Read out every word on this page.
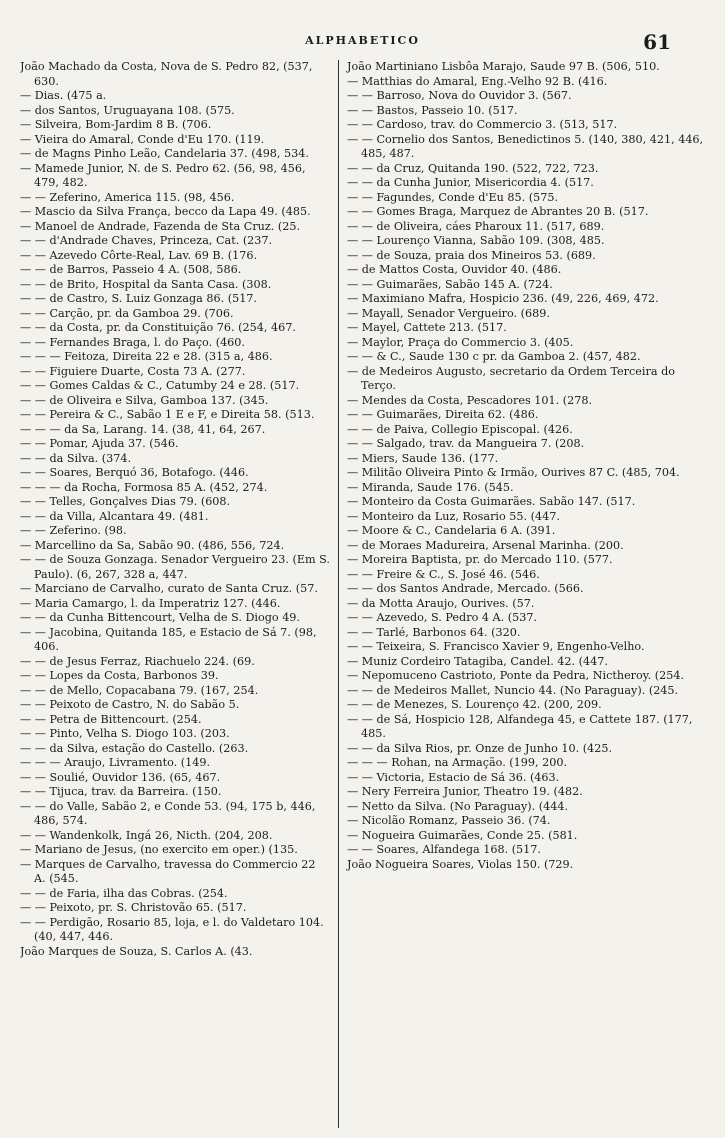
ALPHABETICO	61
João Machado da Costa, Nova de S. Pedro 82, (537, 630.
— Dias. (475 a.
— dos Santos, Uruguayana 108. (575.
— Silveira, Bom-Jardim 8 B. (706.
— Vieira do Amaral, Conde d'Eu 170. (119.
— de Magns Pinho Leão, Candelaria 37. (498, 534.
— Mamede Junior, N. de S. Pedro 62. (56, 98, 456, 479, 482.
— — Zeferino, America 115. (98, 456.
— Mascio da Silva França, becco da Lapa 49. (485.
— Manoel de Andrade, Fazenda de Sta Cruz. (25.
— — d'Andrade Chaves, Princeza, Cat. (237.
— — Azevedo Côrte-Real, Lav. 69 B. (176.
— — de Barros, Passeio 4 A. (508, 586.
— — de Brito, Hospital da Santa Casa. (308.
— — de Castro, S. Luiz Gonzaga 86. (517.
— — Carção, pr. da Gamboa 29. (706.
— — da Costa, pr. da Constituição 76. (254, 467.
— — Fernandes Braga, l. do Paço. (460.
— — — Feitoza, Direita 22 e 28. (315 a, 486.
— — Figuiere Duarte, Costa 73 A. (277.
— — Gomes Caldas & C., Catumby 24 e 28. (517.
— — de Oliveira e Silva, Gamboa 137. (345.
— — Pereira & C., Sabão 1 E e F, e Direita 58. (513.
— — — da Sa, Larang. 14. (38, 41, 64, 267.
— — Pomar, Ajuda 37. (546.
— — da Silva. (374.
— — Soares, Berquó 36, Botafogo. (446.
— — — da Rocha, Formosa 85 A. (452, 274.
— — Telles, Gonçalves Dias 79. (608.
— — da Villa, Alcantara 49. (481.
— — Zeferino. (98.
— Marcellino da Sa, Sabão 90. (486, 556, 724.
— — de Souza Gonzaga. Senador Vergueiro 23. (Em S. Paulo). (6, 267, 328 a, 447.
— Marciano de Carvalho, curato de Santa Cruz. (57.
— Maria Camargo, l. da Imperatriz 127. (446.
— — da Cunha Bittencourt, Velha de S. Diogo 49.
— — Jacobina, Quitanda 185, e Estacio de Sá 7. (98, 406.
— — de Jesus Ferraz, Riachuelo 224. (69.
— — Lopes da Costa, Barbonos 39.
— — de Mello, Copacabana 79. (167, 254.
— — Peixoto de Castro, N. do Sabão 5.
— — Petra de Bittencourt. (254.
— — Pinto, Velha S. Diogo 103. (203.
— — da Silva, estação do Castello. (263.
— — — Araujo, Livramento. (149.
— — Soulié, Ouvidor 136. (65, 467.
— — Tijuca, trav. da Barreira. (150.
— — do Valle, Sabão 2, e Conde 53. (94, 175 b, 446, 486, 574.
— — Wandenkolk, Ingá 26, Nicth. (204, 208.
— Mariano de Jesus, (no exercito em oper.) (135.
— Marques de Carvalho, travessa do Commercio 22 A. (545.
— — de Faria, ilha das Cobras. (254.
— — Peixoto, pr. S. Christovão 65. (517.
— — Perdigão, Rosario 85, loja, e l. do Valdetaro 104. (40, 447, 446.
João Marques de Souza, S. Carlos A. (43.
João Martiniano Lisbôa Marajo, Saude 97 B. (506, 510.
— Matthias do Amaral, Eng.-Velho 92 B. (416.
— — Barroso, Nova do Ouvidor 3. (567.
— — Bastos, Passeio 10. (517.
— — Cardoso, trav. do Commercio 3. (513, 517.
— — Cornelio dos Santos, Benedictinos 5. (140, 380, 421, 446, 485, 487.
— — da Cruz, Quitanda 190. (522, 722, 723.
— — da Cunha Junior, Misericordia 4. (517.
— — Fagundes, Conde d'Eu 85. (575.
— — Gomes Braga, Marquez de Abrantes 20 B. (517.
— — de Oliveira, cáes Pharoux 11. (517, 689.
— — Lourenço Vianna, Sabão 109. (308, 485.
— — de Souza, praia dos Mineiros 53. (689.
— de Mattos Costa, Ouvidor 40. (486.
— — Guimarães, Sabão 145 A. (724.
— Maximiano Mafra, Hospicio 236. (49, 226, 469, 472.
— Mayall, Senador Vergueiro. (689.
— Mayel, Cattete 213. (517.
— Maylor, Praça do Commercio 3. (405.
— — & C., Saude 130 c pr. da Gamboa 2. (457, 482.
— de Medeiros Augusto, secretario da Ordem Terceira do Terço.
— Mendes da Costa, Pescadores 101. (278.
— — Guimarães, Direita 62. (486.
— — de Paiva, Collegio Episcopal. (426.
— — Salgado, trav. da Mangueira 7. (208.
— Miers, Saude 136. (177.
— Militão Oliveira Pinto & Irmão, Ourives 87 C. (485, 704.
— Miranda, Saude 176. (545.
— Monteiro da Costa Guimarães. Sabão 147. (517.
— Monteiro da Luz, Rosario 55. (447.
— Moore & C., Candelaria 6 A. (391.
— de Moraes Madureira, Arsenal Marinha. (200.
— Moreira Baptista, pr. do Mercado 110. (577.
— — Freire & C., S. José 46. (546.
— — dos Santos Andrade, Mercado. (566.
— da Motta Araujo, Ourives. (57.
— — Azevedo, S. Pedro 4 A. (537.
— — Tarlé, Barbonos 64. (320.
— — Teixeira, S. Francisco Xavier 9, Engenho-Velho.
— Muniz Cordeiro Tatagiba, Candel. 42. (447.
— Nepomuceno Castrioto, Ponte da Pedra, Nictheroy. (254.
— — de Medeiros Mallet, Nuncio 44. (No Paraguay). (245.
— — de Menezes, S. Lourenço 42. (200, 209.
— — de Sá, Hospicio 128, Alfandega 45, e Cattete 187. (177, 485.
— — da Silva Rios, pr. Onze de Junho 10. (425.
— — — Rohan, na Armação. (199, 200.
— — Victoria, Estacio de Sá 36. (463.
— Nery Ferreira Junior, Theatro 19. (482.
— Netto da Silva. (No Paraguay). (444.
— Nicolão Romanz, Passeio 36. (74.
— Nogueira Guimarães, Conde 25. (581.
— — Soares, Alfandega 168. (517.
João Nogueira Soares, Violas 150. (729.
